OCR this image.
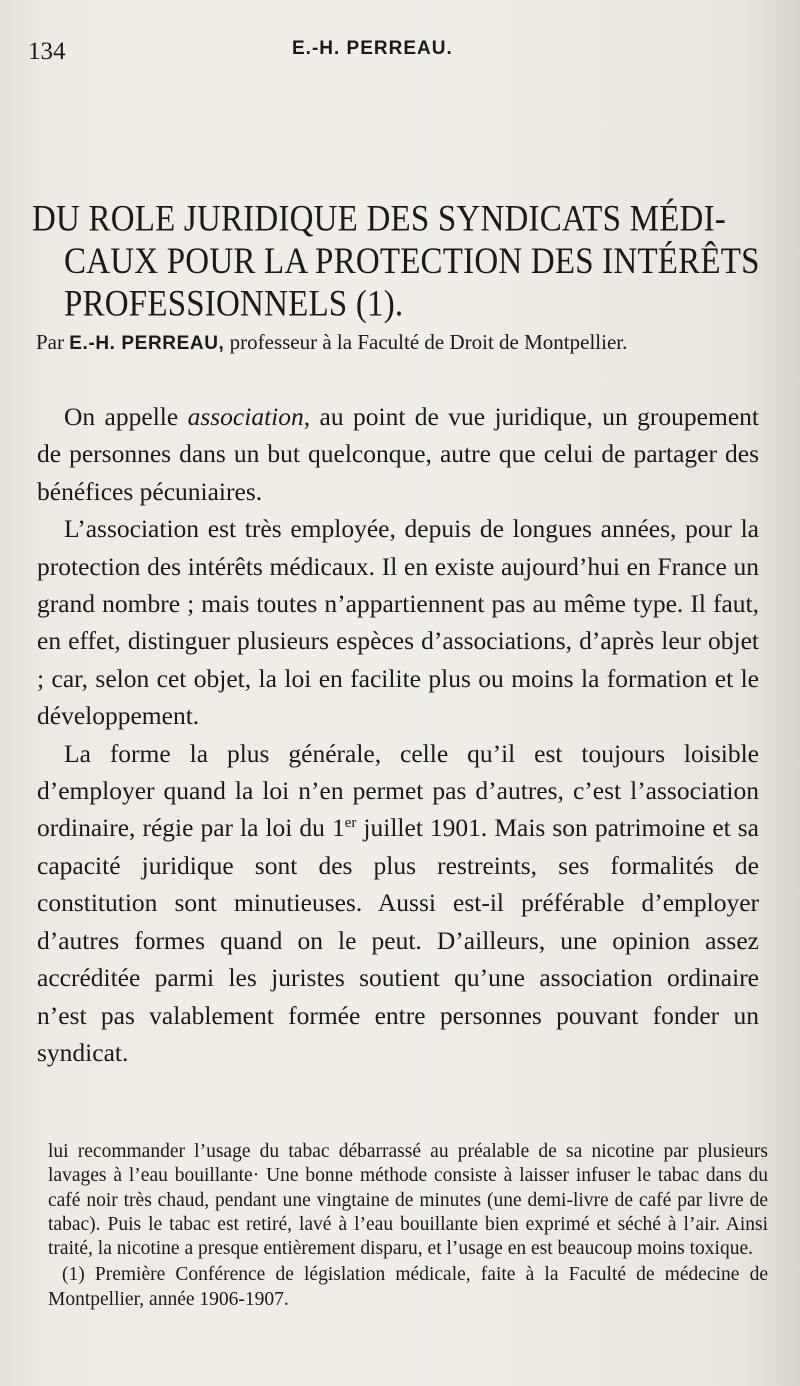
134	E.-H. PERREAU.
DU ROLE JURIDIQUE DES SYNDICATS MÉDI-
CAUX POUR LA PROTECTION DES INTÉRÊTS
PROFESSIONNELS (1).
Par E.-H. PERREAU, professeur à la Faculté de Droit de Montpellier.

On appelle association, au point de vue juridique, un groupement de personnes dans un but quelconque, autre que celui de partager des bénéfices pécuniaires.

L’association est très employée, depuis de longues années, pour la protection des intérêts médicaux. Il en existe aujourd’hui en France un grand nombre ; mais toutes n’appartiennent pas au même type. Il faut, en effet, distinguer plusieurs espèces d’associations, d’après leur objet ; car, selon cet objet, la loi en facilite plus ou moins la formation et le développement.

La forme la plus générale, celle qu’il est toujours loisible d’employer quand la loi n’en permet pas d’autres, c’est l’association ordinaire, régie par la loi du 1er juillet 1901. Mais son patrimoine et sa capacité juridique sont des plus restreints, ses formalités de constitution sont minutieuses. Aussi est-il préférable d’employer d’autres formes quand on le peut. D’ailleurs, une opinion assez accréditée parmi les juristes soutient qu’une association ordinaire n’est pas valablement formée entre personnes pouvant fonder un syndicat.

lui recommander l’usage du tabac débarrassé au préalable de sa nicotine par plusieurs lavages à l’eau bouillante· Une bonne méthode consiste à laisser infuser le tabac dans du café noir très chaud, pendant une vingtaine de minutes (une demi-livre de café par livre de tabac). Puis le tabac est retiré, lavé à l’eau bouillante bien exprimé et séché à l’air. Ainsi traité, la nicotine a presque entièrement disparu, et l’usage en est beaucoup moins toxique.

(1) Première Conférence de législation médicale, faite à la Faculté de médecine de Montpellier, année 1906-1907.
